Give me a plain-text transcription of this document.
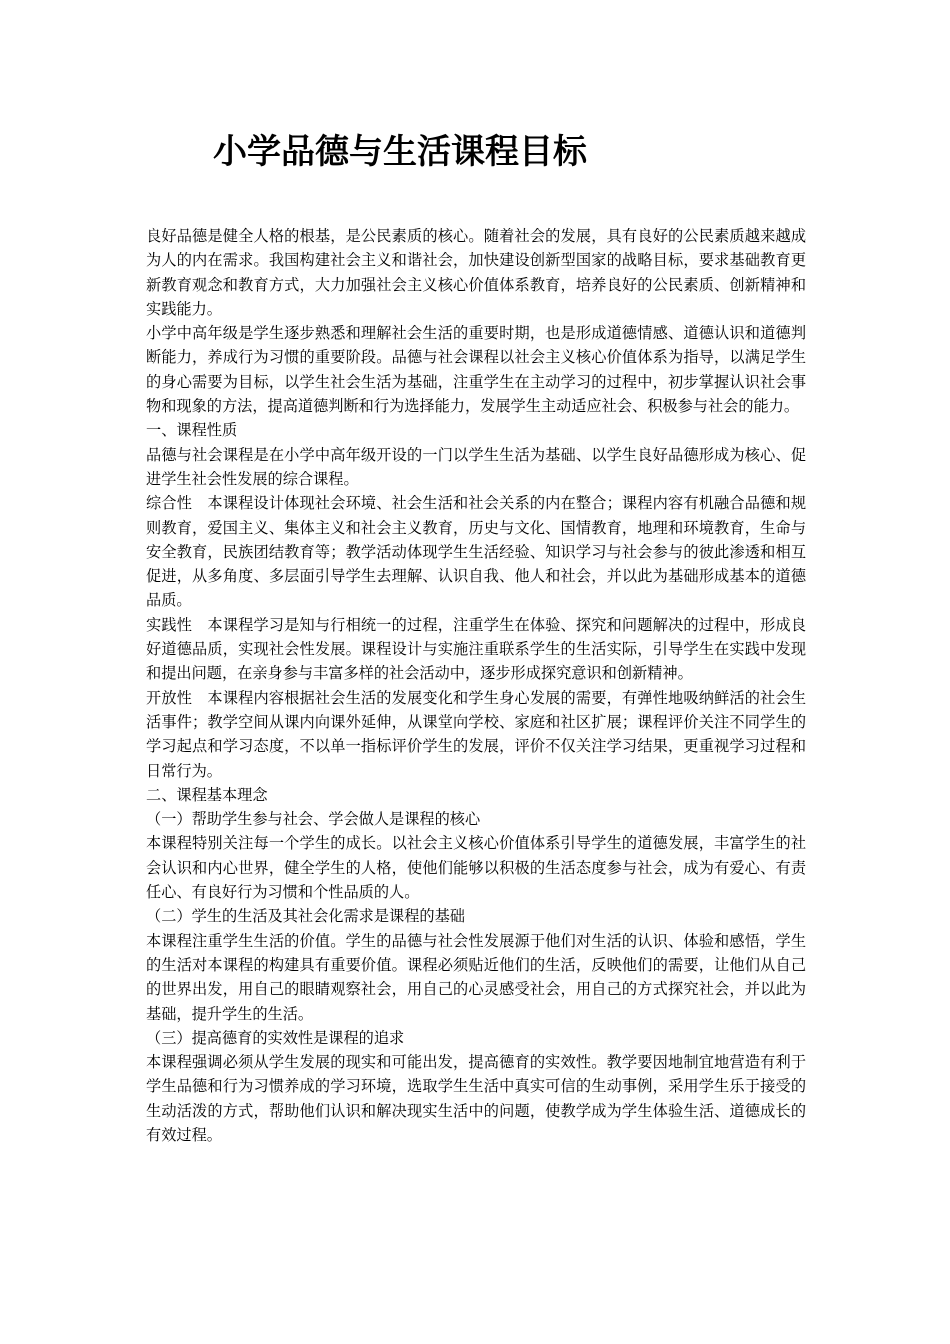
小学品德与生活课程目标

良好品德是健全人格的根基，是公民素质的核心。随着社会的发展，具有良好的公民素质越来越成为人的内在需求。我国构建社会主义和谐社会，加快建设创新型国家的战略目标，要求基础教育更新教育观念和教育方式，大力加强社会主义核心价值体系教育，培养良好的公民素质、创新精神和实践能力。

小学中高年级是学生逐步熟悉和理解社会生活的重要时期，也是形成道德情感、道德认识和道德判断能力，养成行为习惯的重要阶段。品德与社会课程以社会主义核心价值体系为指导，以满足学生的身心需要为目标，以学生社会生活为基础，注重学生在主动学习的过程中，初步掌握认识社会事物和现象的方法，提高道德判断和行为选择能力，发展学生主动适应社会、积极参与社会的能力。

一、课程性质

品德与社会课程是在小学中高年级开设的一门以学生生活为基础、以学生良好品德形成为核心、促进学生社会性发展的综合课程。

综合性　本课程设计体现社会环境、社会生活和社会关系的内在整合；课程内容有机融合品德和规则教育，爱国主义、集体主义和社会主义教育，历史与文化、国情教育，地理和环境教育，生命与安全教育，民族团结教育等；教学活动体现学生生活经验、知识学习与社会参与的彼此渗透和相互促进，从多角度、多层面引导学生去理解、认识自我、他人和社会，并以此为基础形成基本的道德品质。

实践性　本课程学习是知与行相统一的过程，注重学生在体验、探究和问题解决的过程中，形成良好道德品质，实现社会性发展。课程设计与实施注重联系学生的生活实际，引导学生在实践中发现和提出问题，在亲身参与丰富多样的社会活动中，逐步形成探究意识和创新精神。

开放性　本课程内容根据社会生活的发展变化和学生身心发展的需要，有弹性地吸纳鲜活的社会生活事件；教学空间从课内向课外延伸，从课堂向学校、家庭和社区扩展；课程评价关注不同学生的学习起点和学习态度，不以单一指标评价学生的发展，评价不仅关注学习结果，更重视学习过程和日常行为。

二、课程基本理念

（一）帮助学生参与社会、学会做人是课程的核心

本课程特别关注每一个学生的成长。以社会主义核心价值体系引导学生的道德发展，丰富学生的社会认识和内心世界，健全学生的人格，使他们能够以积极的生活态度参与社会，成为有爱心、有责任心、有良好行为习惯和个性品质的人。

（二）学生的生活及其社会化需求是课程的基础

本课程注重学生生活的价值。学生的品德与社会性发展源于他们对生活的认识、体验和感悟，学生的生活对本课程的构建具有重要价值。课程必须贴近他们的生活，反映他们的需要，让他们从自己的世界出发，用自己的眼睛观察社会，用自己的心灵感受社会，用自己的方式探究社会，并以此为基础，提升学生的生活。

（三）提高德育的实效性是课程的追求

本课程强调必须从学生发展的现实和可能出发，提高德育的实效性。教学要因地制宜地营造有利于学生品德和行为习惯养成的学习环境，选取学生生活中真实可信的生动事例，采用学生乐于接受的生动活泼的方式，帮助他们认识和解决现实生活中的问题，使教学成为学生体验生活、道德成长的有效过程。
